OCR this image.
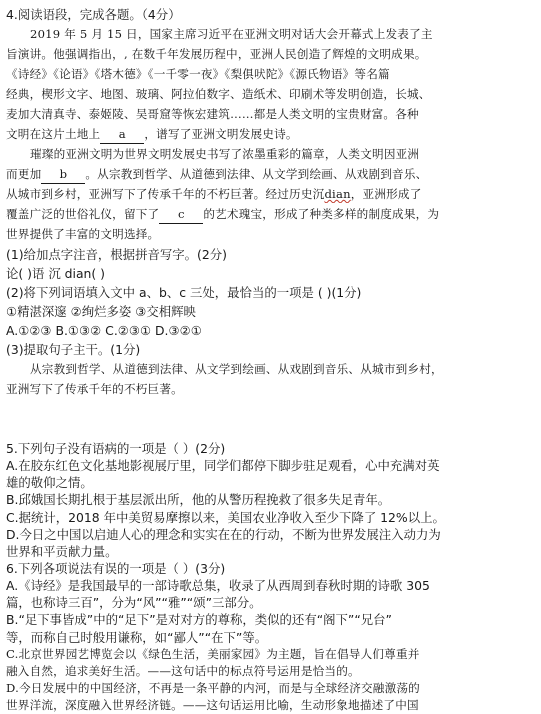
4.阅读语段，完成各题。（4分）
2019 年 5 月 15 日，国家主席习近平在亚洲文明对话大会开幕式上发表了主
旨演讲。他强调指出，, 在数千年发展历程中，亚洲人民创造了辉煌的文明成果。
《诗经》《论语》《塔木德》《一千零一夜》《梨俱吠陀》《源氏物语》等名篇
经典，楔形文字、地图、玻璃、阿拉伯数字、造纸术、印刷术等发明创造，长城、
麦加大清真寺、泰姬陵、吴哥窟等恢宏建筑……都是人类文明的宝贵财富。各种
文明在这片土地上 a ，谱写了亚洲文明发展史诗。
璀璨的亚洲文明为世界文明发展史书写了浓墨重彩的篇章，人类文明因亚洲
而更加 b 。从宗教到哲学、从道德到法律、从文学到绘画、从戏剧到音乐、
从城市到乡村，亚洲写下了传承千年的不朽巨著。经过历史沉dian，亚洲形成了
覆盖广泛的世俗礼仪，留下了 c 的艺术瑰宝，形成了种类多样的制度成果，为
世界提供了丰富的文明选择。
(1)给加点字注音，根据拼音写字。(2分)
论( )语 沉 dian( )
(2)将下列词语填入文中 a、b、c 三处，最恰当的一项是 ( )(1分)
①精湛深邃 ②绚烂多姿 ③交相辉映
A.①②③ B.①③② C.②③① D.③②①
(3)提取句子主干。(1分)
从宗教到哲学、从道德到法律、从文学到绘画、从戏剧到音乐、从城市到乡村，
亚洲写下了传承千年的不朽巨著。
5.下列句子没有语病的一项是（ ）(2分)
A.在胶东红色文化基地影视展厅里，同学们都停下脚步驻足观看，心中充满对英
雄的敬仰之情。
B.邱娥国长期扎根于基层派出所，他的从警历程挽救了很多失足青年。
C.据统计，2018 年中美贸易摩擦以来，美国农业净收入至少下降了 12%以上。
D.今日之中国以启迪人心的理念和实实在在的行动，不断为世界发展注入动力为
世界和平贡献力量。
6.下列各项说法有误的一项是（ ）(3分)
A.《诗经》是我国最早的一部诗歌总集，收录了从西周到春秋时期的诗歌 305
篇，也称诗三百”，分为“风”“雅”“颂”三部分。
B.“足下事皆成”中的“足下”是对对方的尊称，类似的还有“阁下”“兄台”
等，而称自己时般用谦称，如“鄙人”“在下”等。
C.北京世界园艺博览会以《绿色生活，美丽家园》为主题，旨在倡导人们尊重并
融入自然，追求美好生活。——这句话中的标点符号运用是恰当的。
D.今日发展中的中国经济，不再是一条平静的内河，而是与全球经济交融激荡的
世界洋流，深度融入世界经济链。——这句话运用比喻，生动形象地描述了中国
